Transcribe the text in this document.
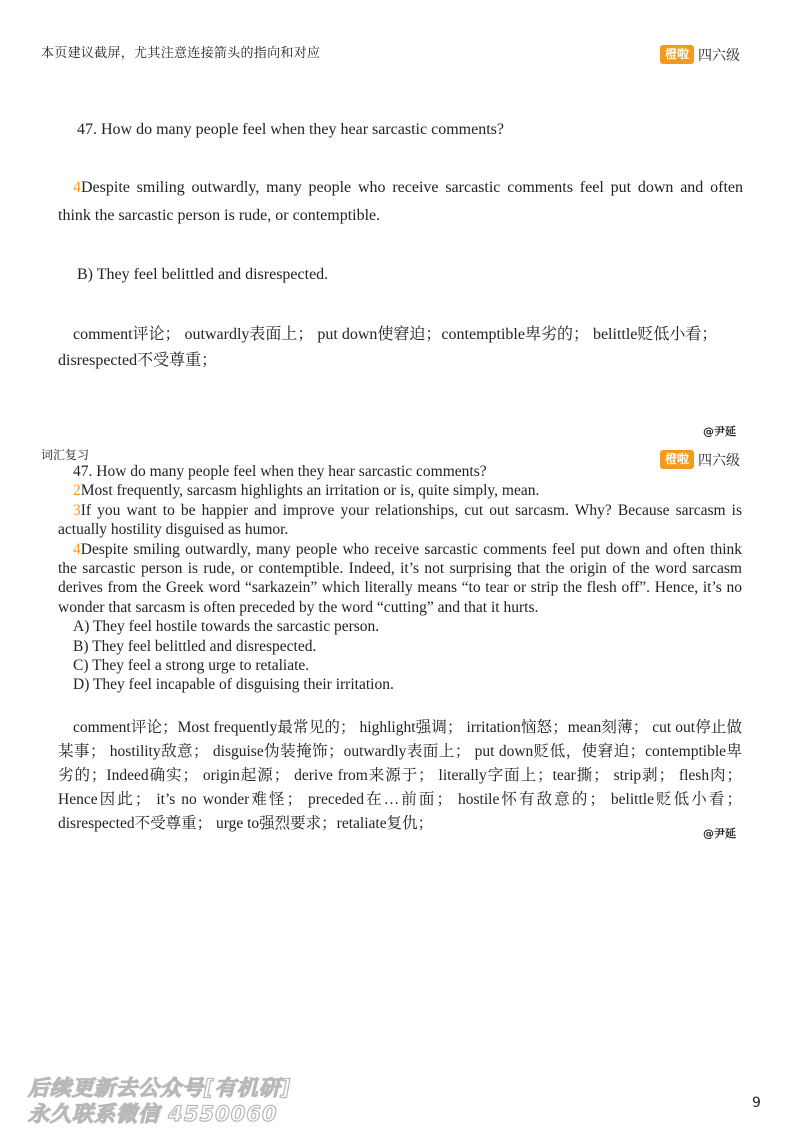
本页建议截屏，尤其注意连接箭头的指向和对应	橙啦 四六级
47. How do many people feel when they hear sarcastic comments?
4Despite smiling outwardly, many people who receive sarcastic comments feel put down and often think the sarcastic person is rude, or contemptible.
B) They feel belittled and disrespected.
comment评论； outwardly表面上； put down使窘迫；contemptible卑劣的； belittle贬低小看；disrespected不受尊重；
@尹延
词汇复习	橙啦 四六级

47. How do many people feel when they hear sarcastic comments?

2Most frequently, sarcasm highlights an irritation or is, quite simply, mean.

3If you want to be happier and improve your relationships, cut out sarcasm. Why? Because sarcasm is actually hostility disguised as humor.

4Despite smiling outwardly, many people who receive sarcastic comments feel put down and often think the sarcastic person is rude, or contemptible. Indeed, it’s not surprising that the origin of the word sarcasm derives from the Greek word “sarkazein” which literally means “to tear or strip the flesh off”. Hence, it’s no wonder that sarcasm is often preceded by the word “cutting” and that it hurts.

A) They feel hostile towards the sarcastic person.

B) They feel belittled and disrespected.

C) They feel a strong urge to retaliate.

D) They feel incapable of disguising their irritation.

comment评论；Most frequently最常见的； highlight强调； irritation恼怒；mean刻薄； cut out停止做某事； hostility敌意； disguise伪装掩饰；outwardly表面上； put down贬低，使窘迫；contemptible卑劣的；Indeed确实； origin起源； derive from来源于； literally字面上；tear撕； strip剥； flesh肉；Hence因此； it’s no wonder难怪； preceded在…前面； hostile怀有敌意的； belittle贬低小看；disrespected不受尊重； urge to强烈要求；retaliate复仇；
@尹延
后续更新去公众号[有机研]
永久联系微信 4550060	9
